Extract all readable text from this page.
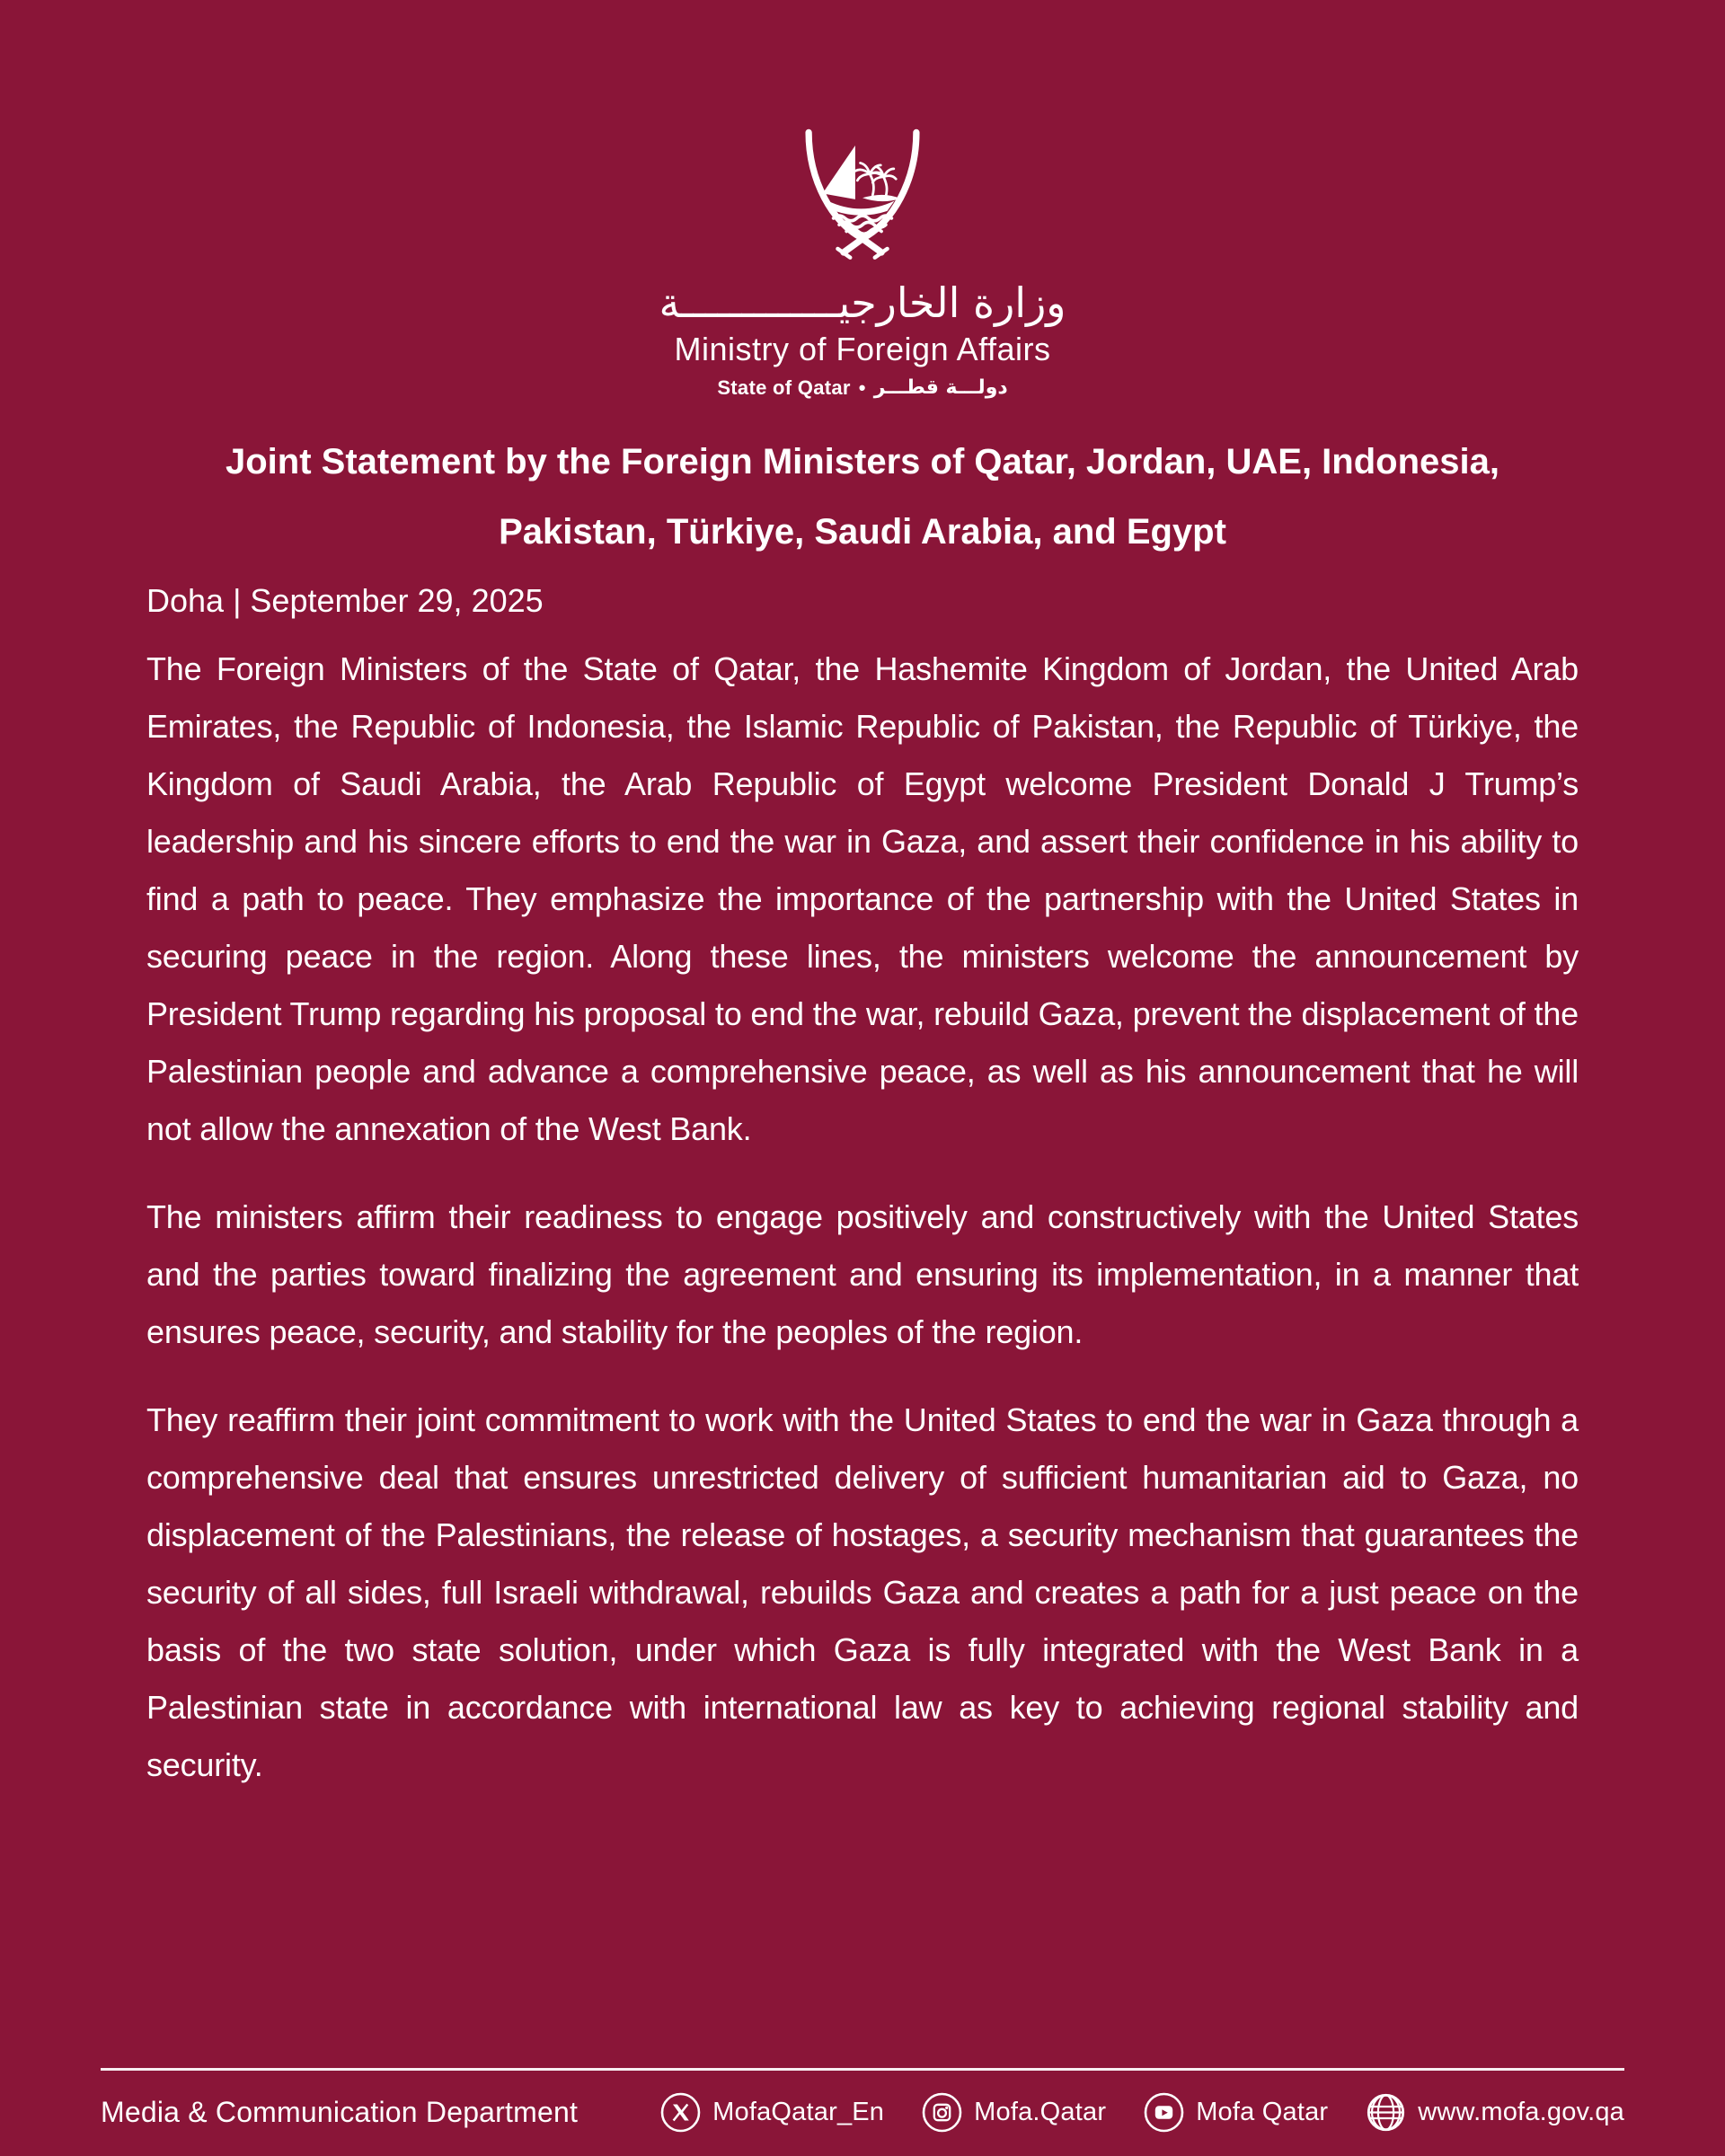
وزارة الخارجيـــــــــــــة
Ministry of Foreign Affairs
State of Qatar • دولـــة قطـــر
Joint Statement by the Foreign Ministers of Qatar, Jordan, UAE, Indonesia,
Pakistan, Türkiye, Saudi Arabia, and Egypt
Doha | September 29, 2025

The Foreign Ministers of the State of Qatar, the Hashemite Kingdom of Jordan, the United Arab Emirates, the Republic of Indonesia, the Islamic Republic of Pakistan, the Republic of Türkiye, the Kingdom of Saudi Arabia, the Arab Republic of Egypt welcome President Donald J Trump’s leadership and his sincere efforts to end the war in Gaza, and assert their confidence in his ability to find a path to peace. They emphasize the importance of the partnership with the United States in securing peace in the region. Along these lines, the ministers welcome the announcement by President Trump regarding his proposal to end the war, rebuild Gaza, prevent the displacement of the Palestinian people and advance a comprehensive peace, as well as his announcement that he will not allow the annexation of the West Bank.

The ministers affirm their readiness to engage positively and constructively with the United States and the parties toward finalizing the agreement and ensuring its implementation, in a manner that ensures peace, security, and stability for the peoples of the region.

They reaffirm their joint commitment to work with the United States to end the war in Gaza through a comprehensive deal that ensures unrestricted delivery of sufficient humanitarian aid to Gaza, no displacement of the Palestinians, the release of hostages, a security mechanism that guarantees the security of all sides, full Israeli withdrawal, rebuilds Gaza and creates a path for a just peace on the basis of the two state solution, under which Gaza is fully integrated with the West Bank in a Palestinian state in accordance with international law as key to achieving regional stability and security.

Media & Communication Department	MofaQatar_En	Mofa.Qatar	Mofa Qatar	www.mofa.gov.qa
